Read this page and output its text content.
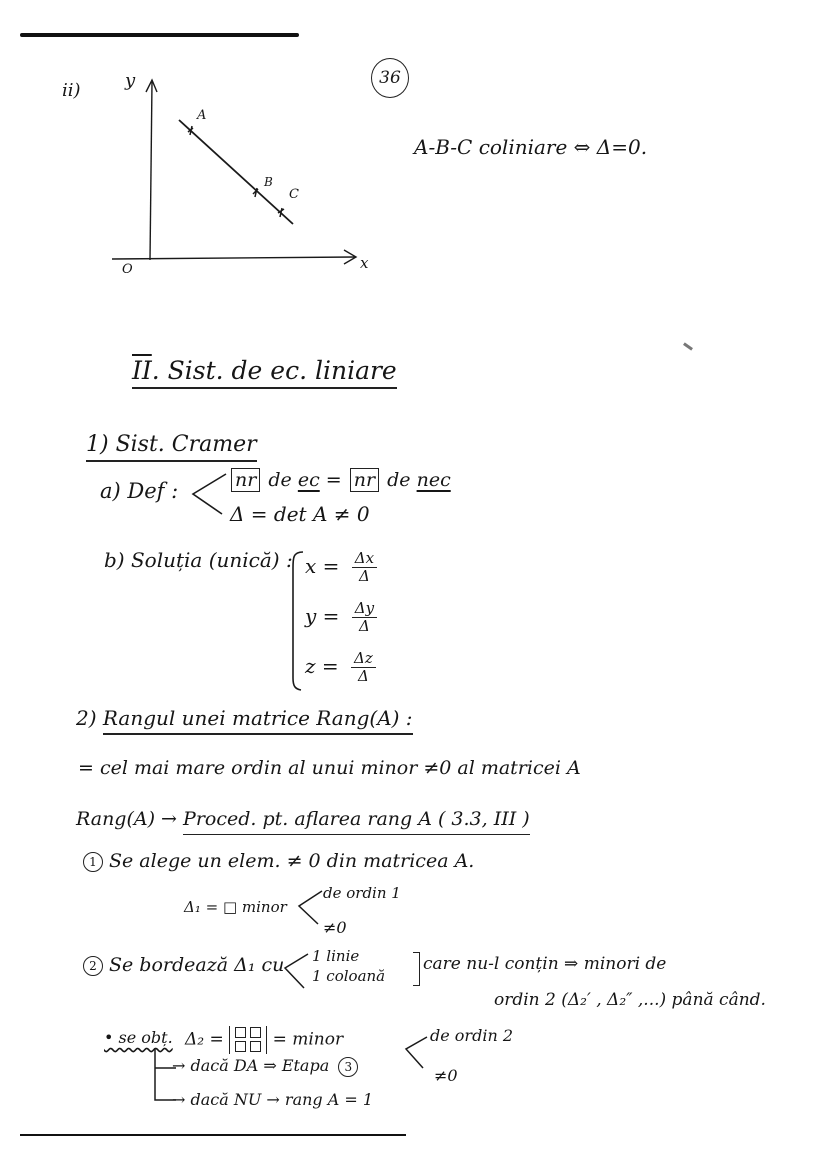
36
ii) y
x
O
A
B
C
A-B-C coliniare ⇔ Δ=0.
$\overline{II}$. Sist. de ec. liniare
1) Sist. Cramer
a) Def :	nr de ec = nr de nec
Δ = det A ≠ 0
b) Soluția (unică) : $x = \frac{\Delta x}{\Delta}$
$y = \frac{\Delta y}{\Delta}$
$z = \frac{\Delta z}{\Delta}$
2) Rangul unei matrice Rang(A) :
= cel mai mare ordin al unui minor ≠0 al matricei A
Rang(A) → Proced. pt. aflarea rang A ( 3.3, III )
1 Se alege un elem. ≠ 0 din matricea A.
Δ₁ = □ minor
de ordin 1
≠0
2 Se bordează Δ₁ cu 1 linie
1 coloană
care nu-l conțin ⇒ minori de
ordin 2 (Δ₂′ , Δ₂″ ,...) până când.
• se obț. Δ₂ =	= minor	de ordin 2
≠0
→ dacă DA ⇒ Etapa 3
→ dacă NU → rang A = 1
